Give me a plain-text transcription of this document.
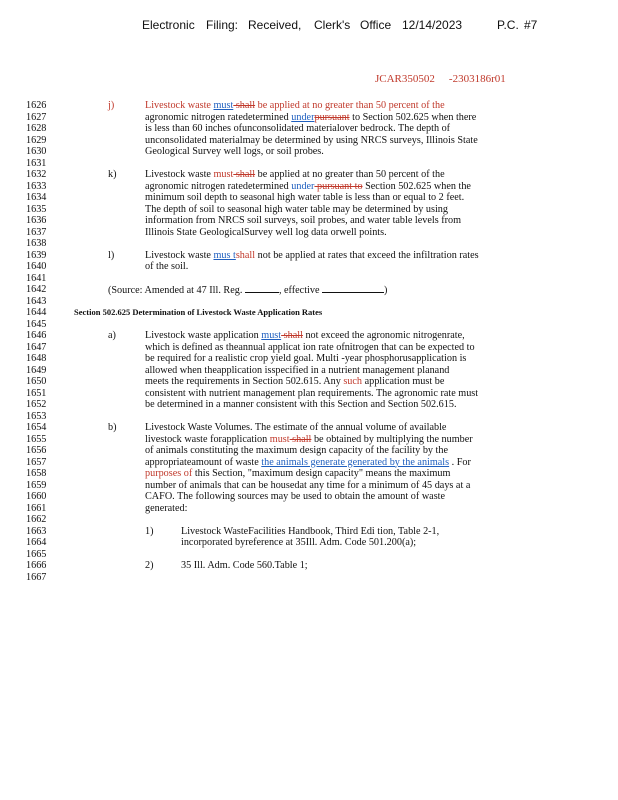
Electronic Filing: Received, Clerk's Office 12/14/2023	P.C. #7
JCAR350502 -2303186r01
1626	j)	Livestock waste must shall be applied at no greater than 50 percent of the
1627	agronomic nitrogen ratedetermined underpursuant to Section 502.625 when there
1628	is less than 60 inches ofunconsolidated materialover bedrock. The depth of
1629	unconsolidated materialmay be determined by using NRCS surveys, Illinois State
1630	Geological Survey well logs, or soil probes.
1631
1632	k)	Livestock waste must shall be applied at no greater than 50 percent of the
1633	agronomic nitrogen ratedetermined under pursuant to Section 502.625 when the
1634	minimum soil depth to seasonal high water table is less than or equal to 2 feet.
1635	The depth of soil to seasonal high water table may be determined by using
1636	information from NRCS soil surveys, soil probes, and water table levels from
1637	Illinois State GeologicalSurvey well log data orwell points.
1638
1639	l)	Livestock waste mus tshall not be applied at rates that exceed the infiltration rates
1640	of the soil.
1641
1642	(Source: Amended at 47 Ill. Reg.	, effective	)
1643
1644	Section 502.625 Determination of Livestock Waste Application Rates
1645
1646	a)	Livestock waste application must shall not exceed the agronomic nitrogenrate,
1647	which is defined as theannual applicat ion rate ofnitrogen that can be expected to
1648	be required for a realistic crop yield goal. Multi -year phosphorusapplication is
1649	allowed when theapplication isspecified in a nutrient management planand
1650	meets the requirements in Section 502.615. Any such application must be
1651	consistent with nutrient management plan requirements. The agronomic rate must
1652	be determined in a manner consistent with this Section and Section 502.615.
1653
1654	b)	Livestock Waste Volumes. The estimate of the annual volume of available
1655	livestock waste forapplication must shall be obtained by multiplying the number
1656	of animals constituting the maximum design capacity of the facility by the
1657	appropriateamount of waste the animals generate generated by the animals . For
1658	purposes of this Section, "maximum design capacity" means the maximum
1659	number of animals that can be housedat any time for a minimum of 45 days at a
1660	CAFO. The following sources may be used to obtain the amount of waste
1661	generated:
1662
1663	1)	Livestock WasteFacilities Handbook, Third Edi tion, Table 2-1,
1664	incorporated byreference at 35Ill. Adm. Code 501.200(a);
1665
1666	2)	35 Ill. Adm. Code 560.Table 1;
1667
